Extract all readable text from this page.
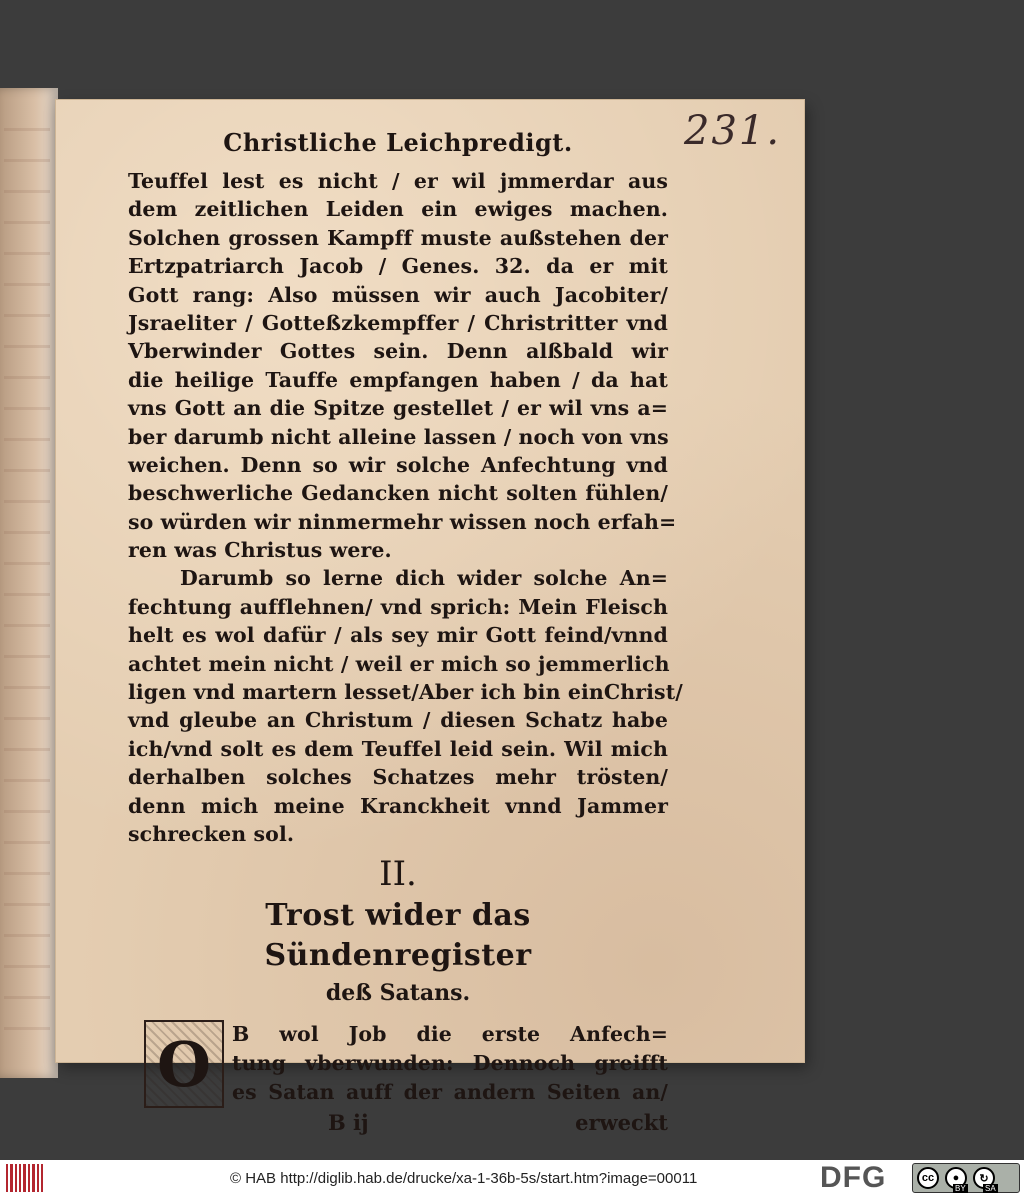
231.
Christliche Leichpredigt.
Teuffel lest es nicht / er wil jmmerdar aus
dem zeitlichen Leiden ein ewiges machen.
Solchen grossen Kampff muste außstehen der
Ertzpatriarch Jacob / Genes. 32. da er mit
Gott rang: Also müssen wir auch Jacobiter/
Jsraeliter / Gotteßzkempffer / Christritter vnd
Vberwinder Gottes sein. Denn alßbald wir
die heilige Tauffe empfangen haben / da hat
vns Gott an die Spitze gestellet / er wil vns a=
ber darumb nicht alleine lassen / noch von vns
weichen. Denn so wir solche Anfechtung vnd
beschwerliche Gedancken nicht solten fühlen/
so würden wir ninmermehr wissen noch erfah=
ren was Christus were.
Darumb so lerne dich wider solche An=
fechtung aufflehnen/ vnd sprich: Mein Fleisch
helt es wol dafür / als sey mir Gott feind/vnnd
achtet mein nicht / weil er mich so jemmerlich
ligen vnd martern lesset/Aber ich bin einChrist/
vnd gleube an Christum / diesen Schatz habe
ich/vnd solt es dem Teuffel leid sein. Wil mich
derhalben solches Schatzes mehr trösten/
denn mich meine Kranckheit vnnd Jammer
schrecken sol.
II.
Trost wider das Sündenregister
deß Satans.
O	B wol Job die erste Anfech=
tung vberwunden: Dennoch greifft
es Satan auff der andern Seiten an/
B ij	erweckt
© HAB http://diglib.hab.de/drucke/xa-1-36b-5s/start.htm?image=00011	DFG	cc	●	↻
BY SA
